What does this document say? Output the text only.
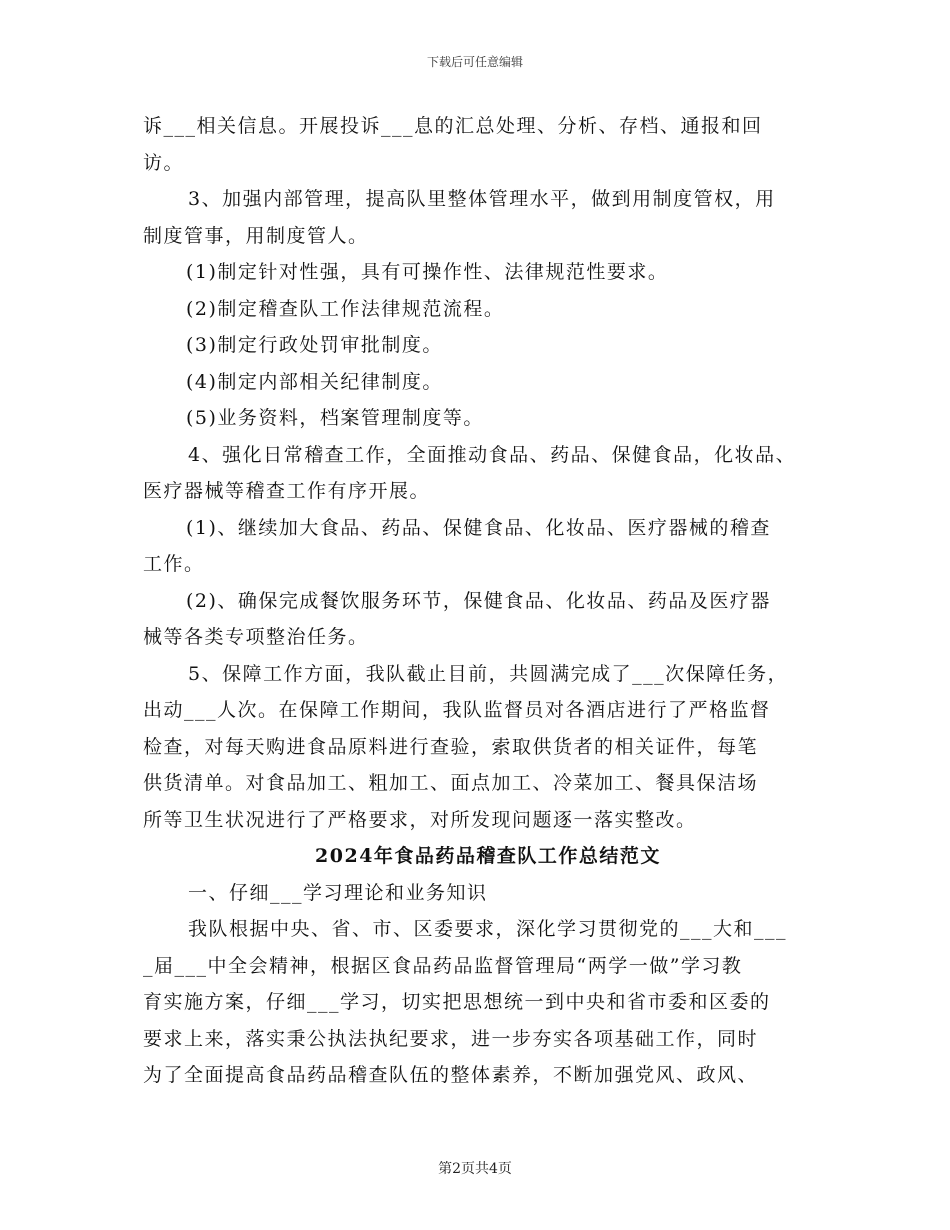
下载后可任意编辑
诉___相关信息。开展投诉___息的汇总处理、分析、存档、通报和回
访。
3、加强内部管理，提高队里整体管理水平，做到用制度管权，用
制度管事，用制度管人。
(1)制定针对性强，具有可操作性、法律规范性要求。
(2)制定稽查队工作法律规范流程。
(3)制定行政处罚审批制度。
(4)制定内部相关纪律制度。
(5)业务资料，档案管理制度等。
4、强化日常稽查工作，全面推动食品、药品、保健食品，化妆品、
医疗器械等稽查工作有序开展。
(1)、继续加大食品、药品、保健食品、化妆品、医疗器械的稽查
工作。
(2)、确保完成餐饮服务环节，保健食品、化妆品、药品及医疗器
械等各类专项整治任务。
5、保障工作方面，我队截止目前，共圆满完成了___次保障任务，
出动___人次。在保障工作期间，我队监督员对各酒店进行了严格监督
检查，对每天购进食品原料进行查验，索取供货者的相关证件，每笔
供货清单。对食品加工、粗加工、面点加工、冷菜加工、餐具保洁场
所等卫生状况进行了严格要求，对所发现问题逐一落实整改。
2024年食品药品稽查队工作总结范文
一、仔细___学习理论和业务知识
我队根据中央、省、市、区委要求，深化学习贯彻党的___大和___
_届___中全会精神，根据区食品药品监督管理局“两学一做”学习教
育实施方案，仔细___学习，切实把思想统一到中央和省市委和区委的
要求上来，落实秉公执法执纪要求，进一步夯实各项基础工作，同时
为了全面提高食品药品稽查队伍的整体素养，不断加强党风、政风、
第2页共4页
